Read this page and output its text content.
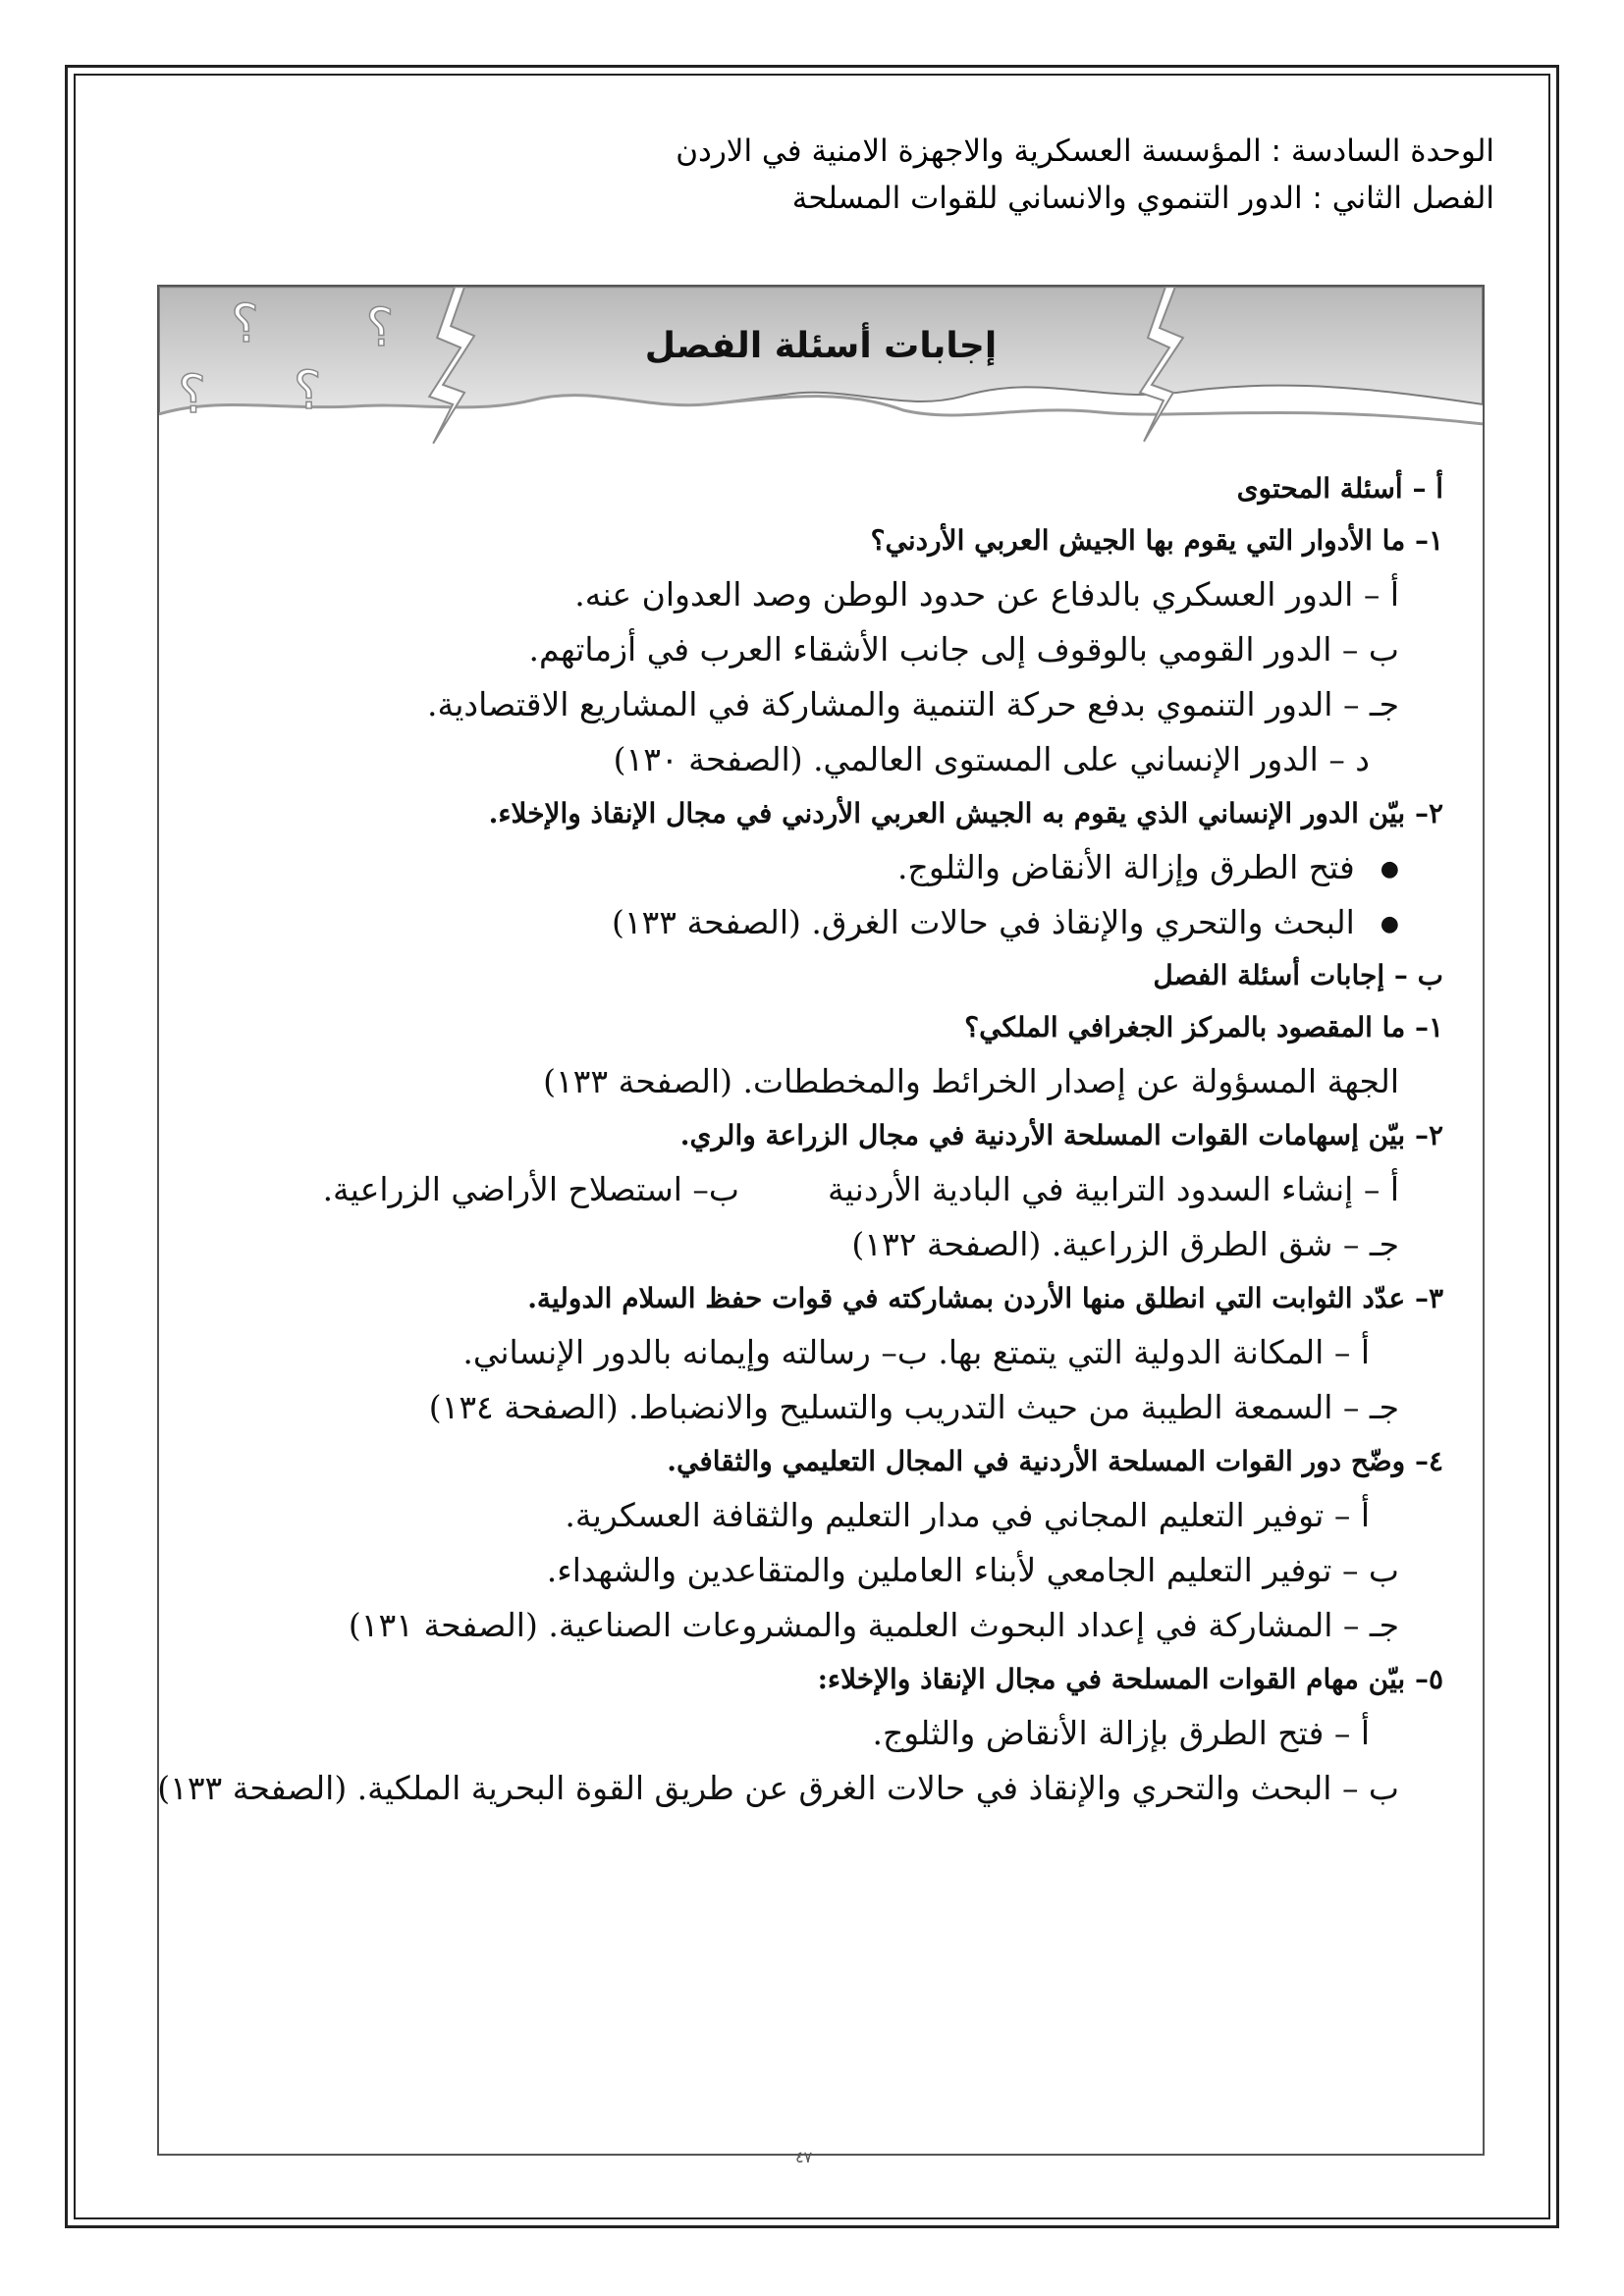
الوحدة السادسة : المؤسسة العسكرية والاجهزة الامنية في الاردن
الفصل الثاني : الدور التنموي والانساني للقوات المسلحة
?
?
?
?	إجابات أسئلة الفصل
أ – أسئلة المحتوى
١– ما الأدوار التي يقوم بها الجيش العربي الأردني؟
أ – الدور العسكري بالدفاع عن حدود الوطن وصد العدوان عنه.
ب – الدور القومي بالوقوف إلى جانب الأشقاء العرب في أزماتهم.
جـ – الدور التنموي بدفع حركة التنمية والمشاركة في المشاريع الاقتصادية.
د – الدور الإنساني على المستوى العالمي. (الصفحة ١٣٠)
٢– بيّن الدور الإنساني الذي يقوم به الجيش العربي الأردني في مجال الإنقاذ والإخلاء.
●فتح الطرق وإزالة الأنقاض والثلوج.
●البحث والتحري والإنقاذ في حالات الغرق. (الصفحة ١٣٣)
ب – إجابات أسئلة الفصل
١– ما المقصود بالمركز الجغرافي الملكي؟
الجهة المسؤولة عن إصدار الخرائط والمخططات. (الصفحة ١٣٣)
٢– بيّن إسهامات القوات المسلحة الأردنية في مجال الزراعة والري.
أ – إنشاء السدود الترابية في البادية الأردنيةب– استصلاح الأراضي الزراعية.
جـ – شق الطرق الزراعية. (الصفحة ١٣٢)
٣– عدّد الثوابت التي انطلق منها الأردن بمشاركته في قوات حفظ السلام الدولية.
أ – المكانة الدولية التي يتمتع بها. ب– رسالته وإيمانه بالدور الإنساني.
جـ – السمعة الطيبة من حيث التدريب والتسليح والانضباط. (الصفحة ١٣٤)
٤– وضّح دور القوات المسلحة الأردنية في المجال التعليمي والثقافي.
أ – توفير التعليم المجاني في مدار التعليم والثقافة العسكرية.
ب – توفير التعليم الجامعي لأبناء العاملين والمتقاعدين والشهداء.
جـ – المشاركة في إعداد البحوث العلمية والمشروعات الصناعية. (الصفحة ١٣١)
٥– بيّن مهام القوات المسلحة في مجال الإنقاذ والإخلاء:
أ – فتح الطرق بإزالة الأنقاض والثلوج.
ب – البحث والتحري والإنقاذ في حالات الغرق عن طريق القوة البحرية الملكية. (الصفحة ١٣٣)
٤٧
